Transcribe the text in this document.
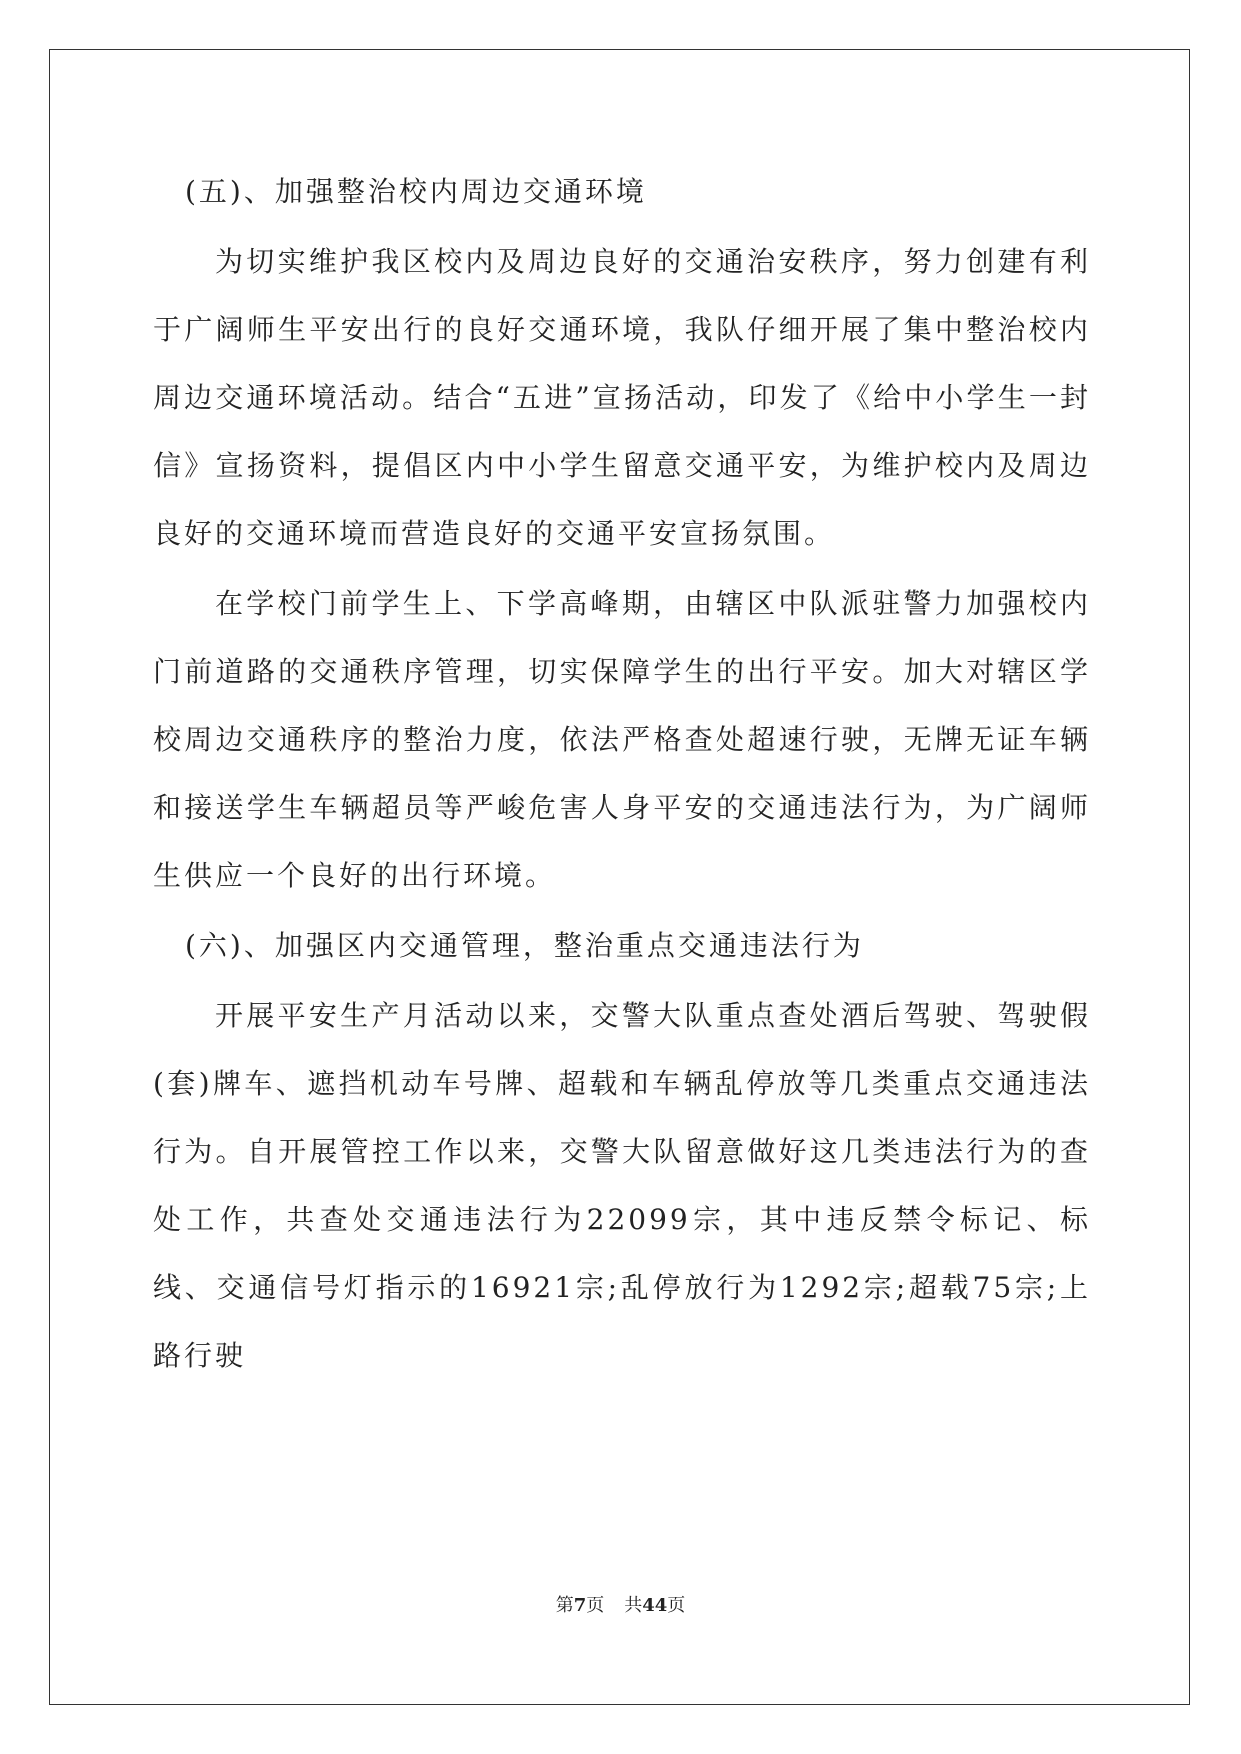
(五)、加强整治校内周边交通环境

为切实维护我区校内及周边良好的交通治安秩序，努力创建有利于广阔师生平安出行的良好交通环境，我队仔细开展了集中整治校内周边交通环境活动。结合“五进”宣扬活动，印发了《给中小学生一封信》宣扬资料，提倡区内中小学生留意交通平安，为维护校内及周边良好的交通环境而营造良好的交通平安宣扬氛围。

在学校门前学生上、下学高峰期，由辖区中队派驻警力加强校内门前道路的交通秩序管理，切实保障学生的出行平安。加大对辖区学校周边交通秩序的整治力度，依法严格查处超速行驶，无牌无证车辆和接送学生车辆超员等严峻危害人身平安的交通违法行为，为广阔师生供应一个良好的出行环境。

(六)、加强区内交通管理，整治重点交通违法行为

开展平安生产月活动以来，交警大队重点查处酒后驾驶、驾驶假(套)牌车、遮挡机动车号牌、超载和车辆乱停放等几类重点交通违法行为。自开展管控工作以来，交警大队留意做好这几类违法行为的查处工作，共查处交通违法行为22099宗，其中违反禁令标记、标线、交通信号灯指示的16921宗;乱停放行为1292宗;超载75宗;上路行驶

第7页 共44页
